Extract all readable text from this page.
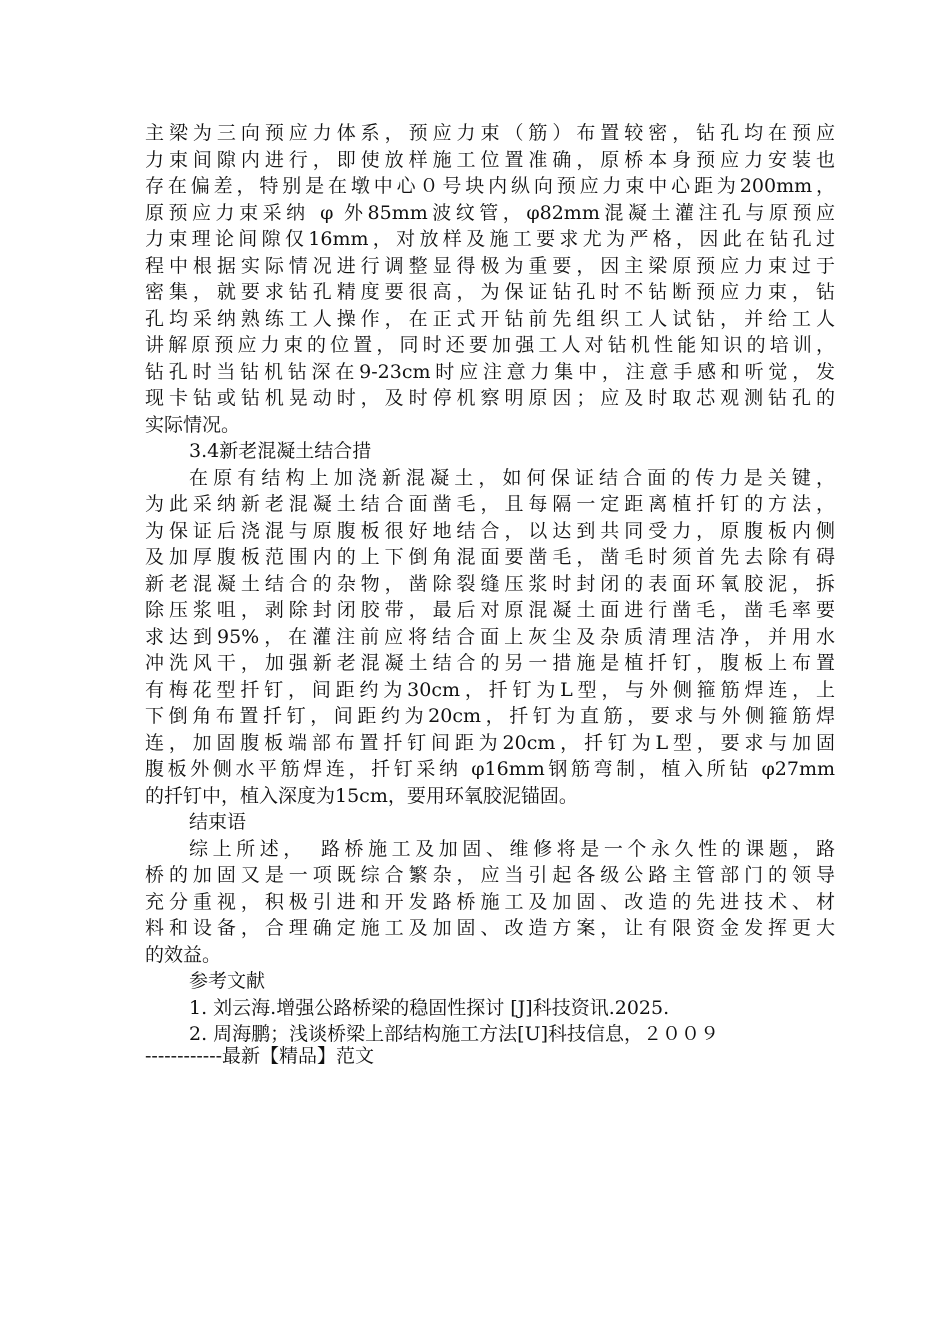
主梁为三向预应力体系，预应力束（筋）布置较密，钻孔均在预应
力束间隙内进行，即使放样施工位置准确，原桥本身预应力安装也
存在偏差，特别是在墩中心０号块内纵向预应力束中心距为200mm，
原预应力束采纳 φ 外85mm波纹管，φ82mm混凝土灌注孔与原预应
力束理论间隙仅16mm，对放样及施工要求尤为严格，因此在钻孔过
程中根据实际情况进行调整显得极为重要，因主梁原预应力束过于
密集，就要求钻孔精度要很高，为保证钻孔时不钻断预应力束，钻
孔均采纳熟练工人操作，在正式开钻前先组织工人试钻，并给工人
讲解原预应力束的位置，同时还要加强工人对钻机性能知识的培训，
钻孔时当钻机钻深在9-23cm时应注意力集中，注意手感和听觉，发
现卡钻或钻机晃动时，及时停机察明原因；应及时取芯观测钻孔的
实际情况。
3.4新老混凝土结合措
在原有结构上加浇新混凝土，如何保证结合面的传力是关键，
为此采纳新老混凝土结合面凿毛，且每隔一定距离植扦钉的方法，
为保证后浇混与原腹板很好地结合，以达到共同受力，原腹板内侧
及加厚腹板范围内的上下倒角混面要凿毛，凿毛时须首先去除有碍
新老混凝土结合的杂物，凿除裂缝压浆时封闭的表面环氧胶泥，拆
除压浆咀，剥除封闭胶带，最后对原混凝土面进行凿毛，凿毛率要
求达到95%，在灌注前应将结合面上灰尘及杂质清理洁净，并用水
冲洗风干，加强新老混凝土结合的另一措施是植扦钉，腹板上布置
有梅花型扦钉，间距约为30cm，扦钉为L型，与外侧箍筋焊连，上
下倒角布置扦钉，间距约为20cm，扦钉为直筋，要求与外侧箍筋焊
连，加固腹板端部布置扦钉间距为20cm，扦钉为L型，要求与加固
腹板外侧水平筋焊连，扦钉采纳 φ16mm钢筋弯制，植入所钻 φ27mm
的扦钉中，植入深度为15cm，要用环氧胶泥锚固。
结束语
综上所述，　路桥施工及加固、维修将是一个永久性的课题，路
桥的加固又是一项既综合繁杂，应当引起各级公路主管部门的领导
充分重视，积极引进和开发路桥施工及加固、改造的先进技术、材
料和设备，合理确定施工及加固、改造方案，让有限资金发挥更大
的效益。
参考文献
1. 刘云海.增强公路桥梁的稳固性探讨 [J]科技资讯.2025.
2. 周海鹏；浅谈桥梁上部结构施工方法[U]科技信息，２００９
------------最新【精品】范文
